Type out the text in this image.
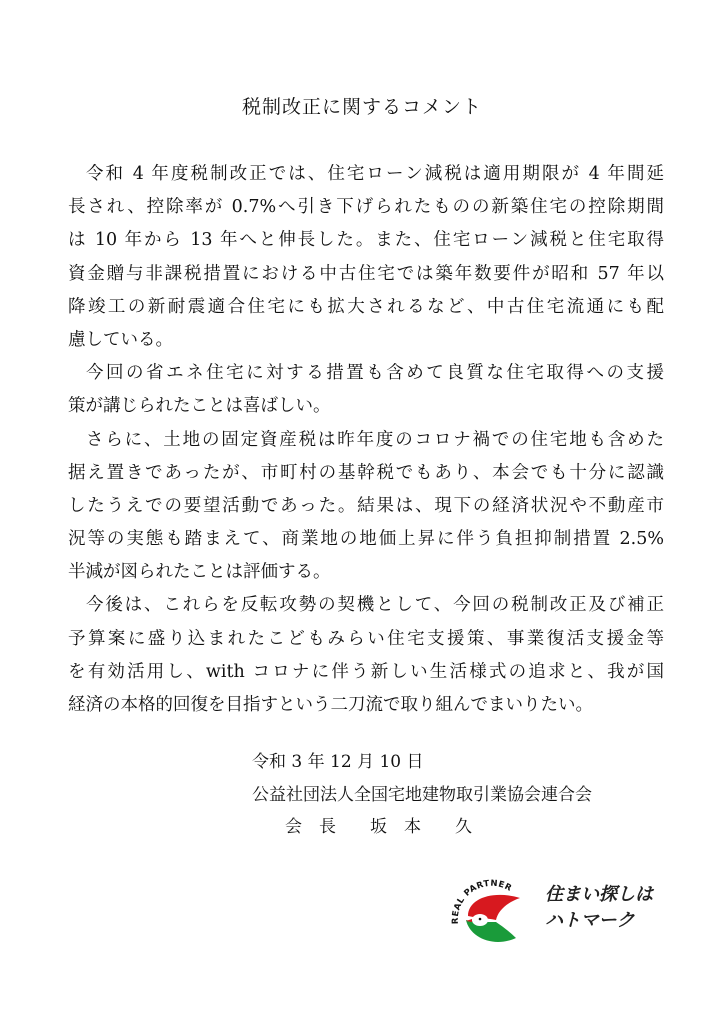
税制改正に関するコメント
令和 4 年度税制改正では、住宅ローン減税は適用期限が 4 年間延
長され、控除率が 0.7%へ引き下げられたものの新築住宅の控除期間
は 10 年から 13 年へと伸長した。また、住宅ローン減税と住宅取得
資金贈与非課税措置における中古住宅では築年数要件が昭和 57 年以
降竣工の新耐震適合住宅にも拡大されるなど、中古住宅流通にも配
慮している。
今回の省エネ住宅に対する措置も含めて良質な住宅取得への支援
策が講じられたことは喜ばしい。
さらに、土地の固定資産税は昨年度のコロナ禍での住宅地も含めた
据え置きであったが、市町村の基幹税でもあり、本会でも十分に認識
したうえでの要望活動であった。結果は、現下の経済状況や不動産市
況等の実態も踏まえて、商業地の地価上昇に伴う負担抑制措置 2.5%
半減が図られたことは評価する。
今後は、これらを反転攻勢の契機として、今回の税制改正及び補正
予算案に盛り込まれたこどもみらい住宅支援策、事業復活支援金等
を有効活用し、with コロナに伴う新しい生活様式の追求と、我が国
経済の本格的回復を目指すという二刀流で取り組んでまいりたい。
令和 3 年 12 月 10 日
公益社団法人全国宅地建物取引業協会連合会
会　長　　坂　本　　久
REAL PARTNER 住まい探しは
ハトマーク
